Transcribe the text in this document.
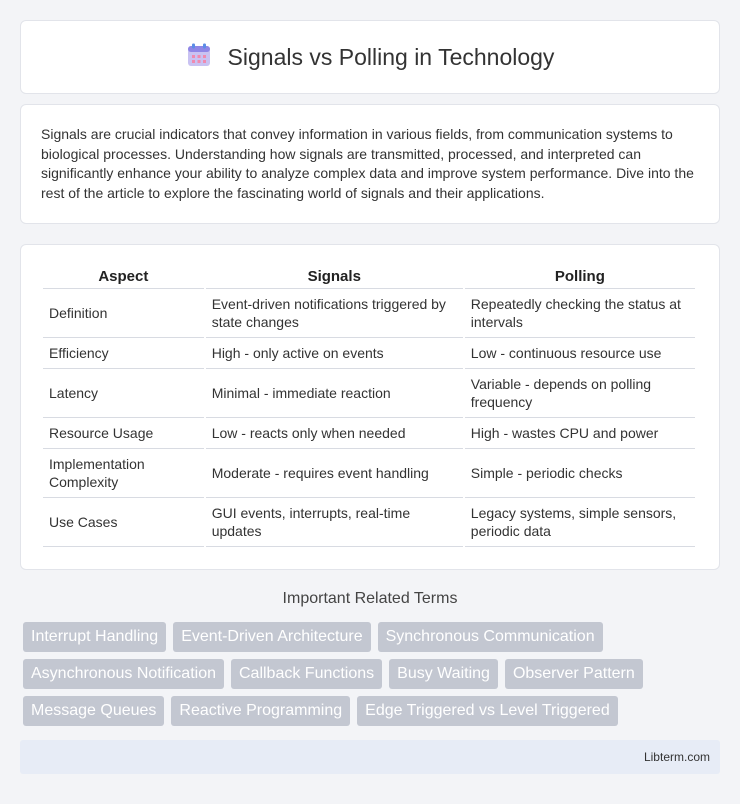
Signals vs Polling in Technology

Signals are crucial indicators that convey information in various fields, from communication systems to biological processes. Understanding how signals are transmitted, processed, and interpreted can significantly enhance your ability to analyze complex data and improve system performance. Dive into the rest of the article to explore the fascinating world of signals and their applications.

Aspect	Signals	Polling
Definition	Event-driven notifications triggered by state changes	Repeatedly checking the status at intervals
Efficiency	High - only active on events	Low - continuous resource use
Latency	Minimal - immediate reaction	Variable - depends on polling frequency
Resource Usage	Low - reacts only when needed	High - wastes CPU and power
Implementation Complexity	Moderate - requires event handling	Simple - periodic checks
Use Cases	GUI events, interrupts, real-time updates	Legacy systems, simple sensors, periodic data
Important Related Terms
Interrupt Handling	Event-Driven Architecture	Synchronous Communication
Asynchronous Notification	Callback Functions	Busy Waiting	Observer Pattern
Message Queues	Reactive Programming	Edge Triggered vs Level Triggered
Libterm.com
